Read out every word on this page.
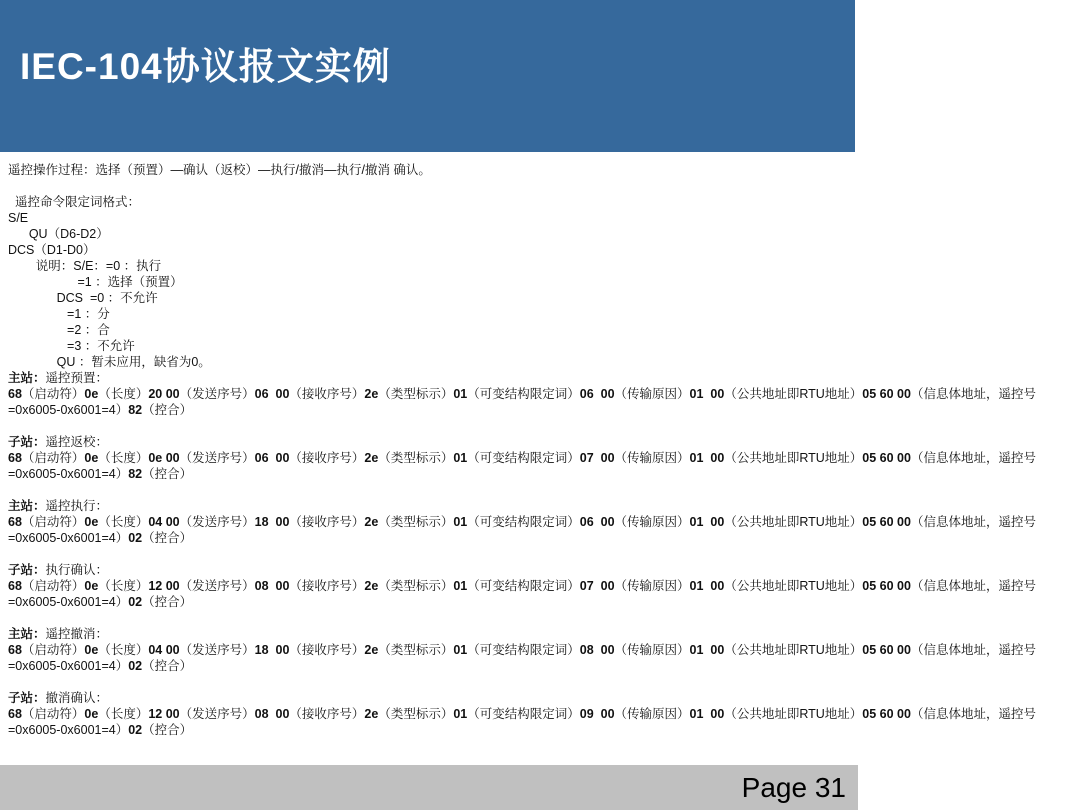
IEC-104协议报文实例
遥控操作过程：选择（预置）—确认（返校）—执行/撤消—执行/撤消 确认。
遥控命令限定词格式：
S/E
QU（D6-D2）
DCS（D1-D0）
说明：S/E：=0 ：执行
=1 ：选择（预置）
DCS  =0 ：不允许
=1 ：分
=2 ：合
=3 ：不允许
QU ：暂未应用，缺省为0。
主站：遥控预置：
68（启动符）0e（长度）20 00（发送序号）06  00（接收序号）2e（类型标示）01（可变结构限定词）06  00（传输原因）01  00（公共地址即RTU地址）05 60 00（信息体地址，遥控号=0x6005-0x6001=4）82（控合）
子站：遥控返校：
68（启动符）0e（长度）0e 00（发送序号）06  00（接收序号）2e（类型标示）01（可变结构限定词）07  00（传输原因）01  00（公共地址即RTU地址）05 60 00（信息体地址，遥控号=0x6005-0x6001=4）82（控合）
主站：遥控执行：
68（启动符）0e（长度）04 00（发送序号）18  00（接收序号）2e（类型标示）01（可变结构限定词）06  00（传输原因）01  00（公共地址即RTU地址）05 60 00（信息体地址，遥控号=0x6005-0x6001=4）02（控合）
子站：执行确认：
68（启动符）0e（长度）12 00（发送序号）08  00（接收序号）2e（类型标示）01（可变结构限定词）07  00（传输原因）01  00（公共地址即RTU地址）05 60 00（信息体地址，遥控号=0x6005-0x6001=4）02（控合）
主站：遥控撤消：
68（启动符）0e（长度）04 00（发送序号）18  00（接收序号）2e（类型标示）01（可变结构限定词）08  00（传输原因）01  00（公共地址即RTU地址）05 60 00（信息体地址，遥控号=0x6005-0x6001=4）02（控合）
子站：撤消确认：
68（启动符）0e（长度）12 00（发送序号）08  00（接收序号）2e（类型标示）01（可变结构限定词）09  00（传输原因）01  00（公共地址即RTU地址）05 60 00（信息体地址，遥控号=0x6005-0x6001=4）02（控合）
Page 31
